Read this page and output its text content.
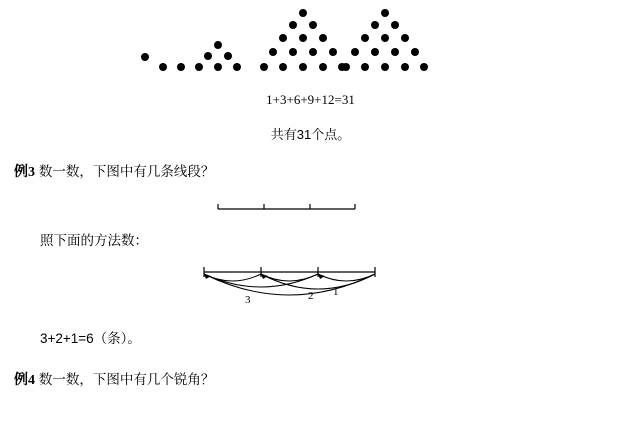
1+3+6+9+12=31
共有31个点。
例3 数一数，下图中有几条线段？
照下面的方法数：
3	2 1
3+2+1=6（条）。
例4 数一数，下图中有几个锐角？
